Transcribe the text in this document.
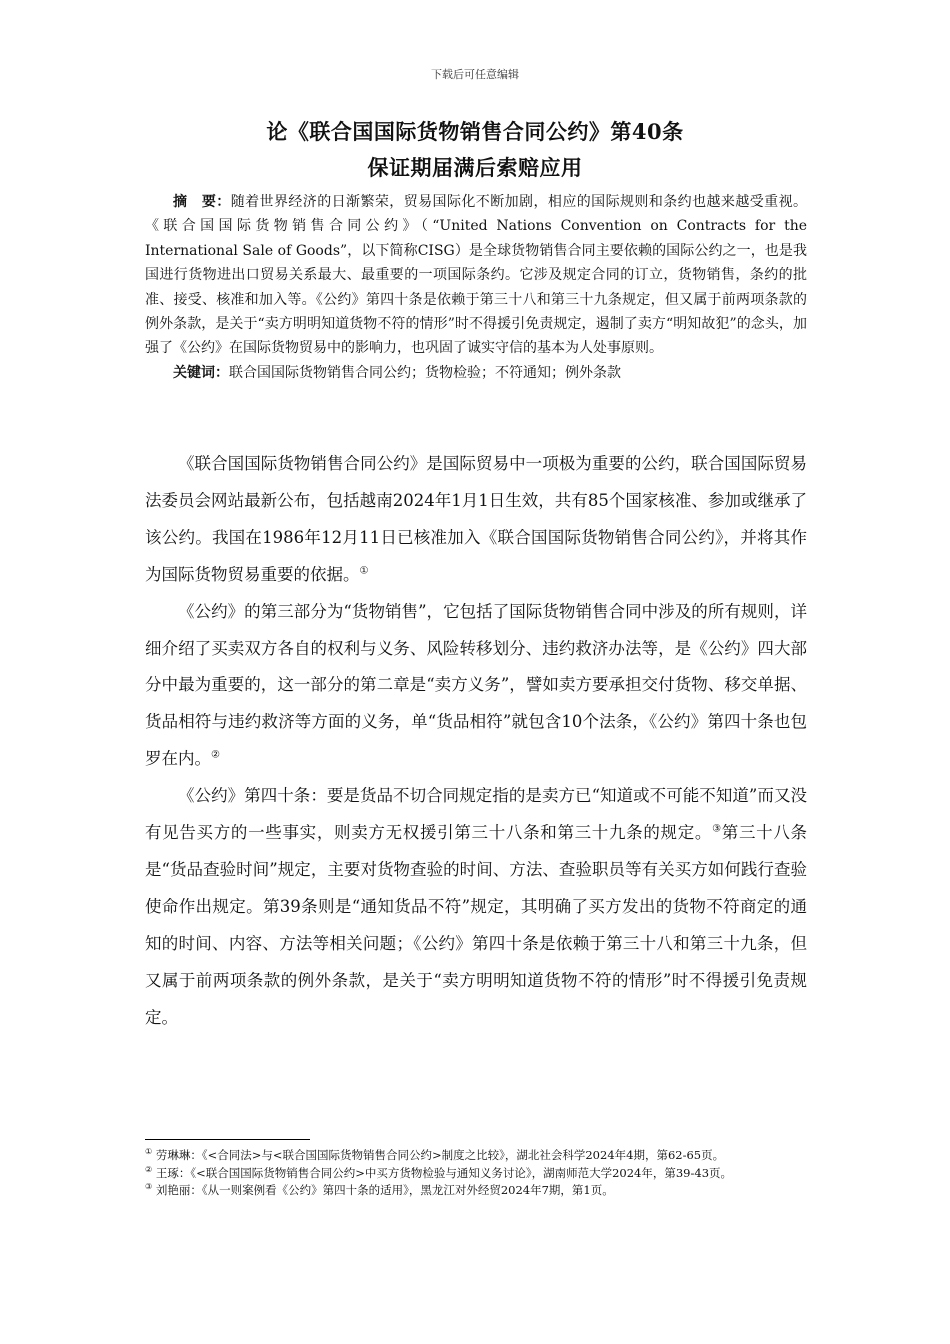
下载后可任意编辑
论《联合国国际货物销售合同公约》第40条
保证期届满后索赔应用

摘　要：随着世界经济的日渐繁荣，贸易国际化不断加剧，相应的国际规则和条约也越来越受重视。《联合国国际货物销售合同公约》（“United Nations Convention on Contracts for the International Sale of Goods”，以下简称CISG）是全球货物销售合同主要依赖的国际公约之一，也是我国进行货物进出口贸易关系最大、最重要的一项国际条约。它涉及规定合同的订立，货物销售，条约的批准、接受、核准和加入等。《公约》第四十条是依赖于第三十八和第三十九条规定，但又属于前两项条款的例外条款，是关于“卖方明明知道货物不符的情形”时不得援引免责规定，遏制了卖方“明知故犯”的念头，加强了《公约》在国际货物贸易中的影响力，也巩固了诚实守信的基本为人处事原则。

关键词：联合国国际货物销售合同公约；货物检验；不符通知；例外条款

《联合国国际货物销售合同公约》是国际贸易中一项极为重要的公约，联合国国际贸易法委员会网站最新公布，包括越南2024年1月1日生效，共有85个国家核准、参加或继承了该公约。我国在1986年12月11日已核准加入《联合国国际货物销售合同公约》，并将其作为国际货物贸易重要的依据。①

《公约》的第三部分为“货物销售”，它包括了国际货物销售合同中涉及的所有规则，详细介绍了买卖双方各自的权利与义务、风险转移划分、违约救济办法等，是《公约》四大部分中最为重要的，这一部分的第二章是“卖方义务”，譬如卖方要承担交付货物、移交单据、货品相符与违约救济等方面的义务，单“货品相符”就包含10个法条，《公约》第四十条也包罗在内。②

《公约》第四十条：要是货品不切合同规定指的是卖方已“知道或不可能不知道”而又没有见告买方的一些事实，则卖方无权援引第三十八条和第三十九条的规定。③第三十八条是“货品查验时间”规定，主要对货物查验的时间、方法、查验职员等有关买方如何践行查验使命作出规定。第39条则是“通知货品不符”规定，其明确了买方发出的货物不符商定的通知的时间、内容、方法等相关问题；《公约》第四十条是依赖于第三十八和第三十九条，但又属于前两项条款的例外条款，是关于“卖方明明知道货物不符的情形”时不得援引免责规定。

① 劳琳琳：《<合同法>与<联合国国际货物销售合同公约>制度之比较》，湖北社会科学2024年4期，第62-65页。

② 王琢：《<联合国国际货物销售合同公约>中买方货物检验与通知义务讨论》，湖南师范大学2024年，第39-43页。

③ 刘艳丽：《从一则案例看《公约》第四十条的适用》，黑龙江对外经贸2024年7期，第1页。
